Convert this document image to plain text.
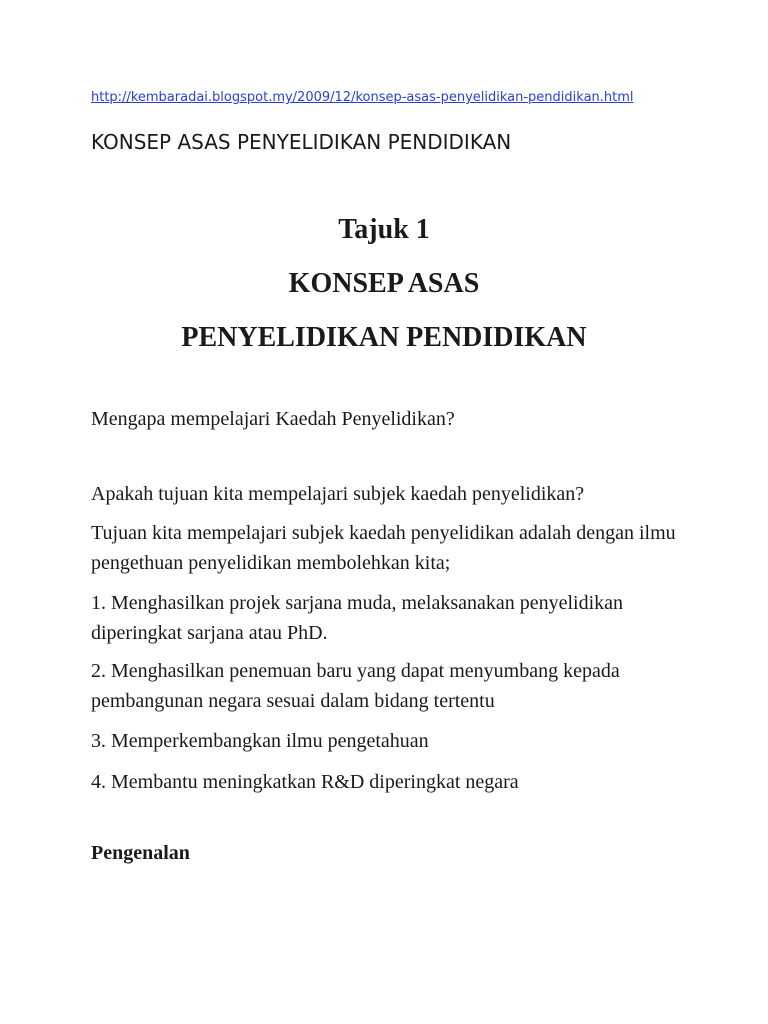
http://kembaradai.blogspot.my/2009/12/konsep-asas-penyelidikan-pendidikan.html

KONSEP ASAS PENYELIDIKAN PENDIDIKAN

Tajuk 1
KONSEP ASAS
PENYELIDIKAN PENDIDIKAN

Mengapa mempelajari Kaedah Penyelidikan?

Apakah tujuan kita mempelajari subjek kaedah penyelidikan?

Tujuan kita mempelajari subjek kaedah penyelidikan adalah dengan ilmu pengethuan penyelidikan membolehkan kita;

1. Menghasilkan projek sarjana muda, melaksanakan penyelidikan diperingkat sarjana atau PhD.

2. Menghasilkan penemuan baru yang dapat menyumbang kepada pembangunan negara sesuai dalam bidang tertentu

3. Memperkembangkan ilmu pengetahuan

4. Membantu meningkatkan R&D diperingkat negara

Pengenalan
